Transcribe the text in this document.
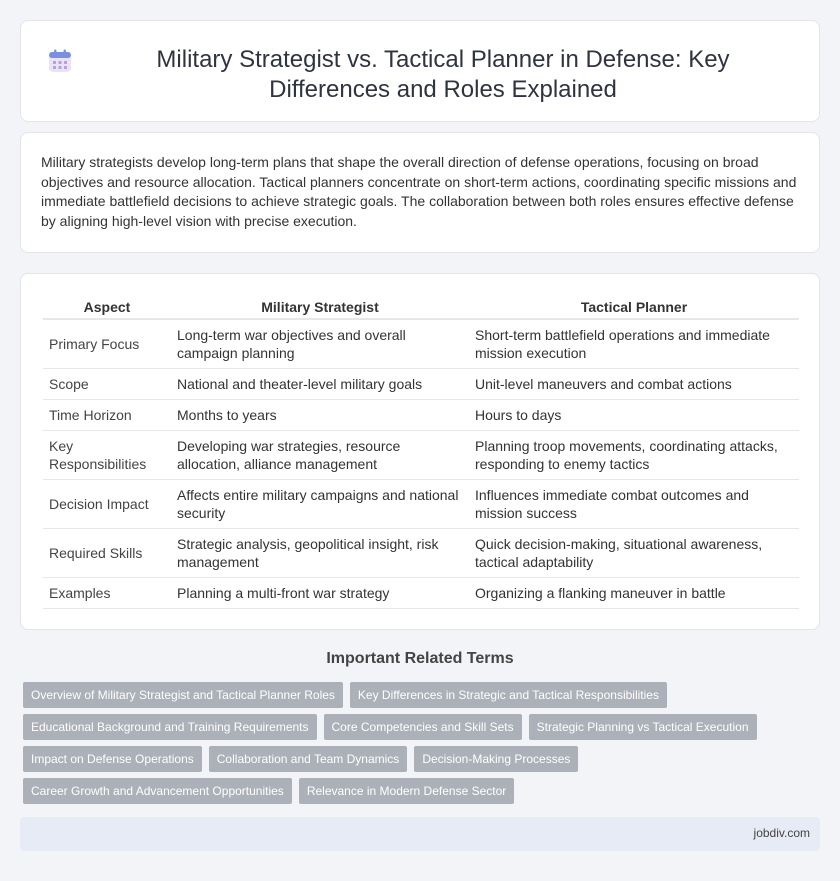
Military Strategist vs. Tactical Planner in Defense: Key Differences and Roles Explained

Military strategists develop long-term plans that shape the overall direction of defense operations, focusing on broad objectives and resource allocation. Tactical planners concentrate on short-term actions, coordinating specific missions and immediate battlefield decisions to achieve strategic goals. The collaboration between both roles ensures effective defense by aligning high-level vision with precise execution.

Aspect	Military Strategist	Tactical Planner
Primary Focus	Long-term war objectives and overall campaign planning	Short-term battlefield operations and immediate mission execution
Scope	National and theater-level military goals	Unit-level maneuvers and combat actions
Time Horizon	Months to years	Hours to days
Key Responsibilities	Developing war strategies, resource allocation, alliance management	Planning troop movements, coordinating attacks, responding to enemy tactics
Decision Impact	Affects entire military campaigns and national security	Influences immediate combat outcomes and mission success
Required Skills	Strategic analysis, geopolitical insight, risk management	Quick decision-making, situational awareness, tactical adaptability
Examples	Planning a multi-front war strategy	Organizing a flanking maneuver in battle
Important Related Terms
Overview of Military Strategist and Tactical Planner Roles	Key Differences in Strategic and Tactical Responsibilities
Educational Background and Training Requirements	Core Competencies and Skill Sets	Strategic Planning vs Tactical Execution
Impact on Defense Operations	Collaboration and Team Dynamics	Decision-Making Processes
Career Growth and Advancement Opportunities	Relevance in Modern Defense Sector
jobdiv.com
